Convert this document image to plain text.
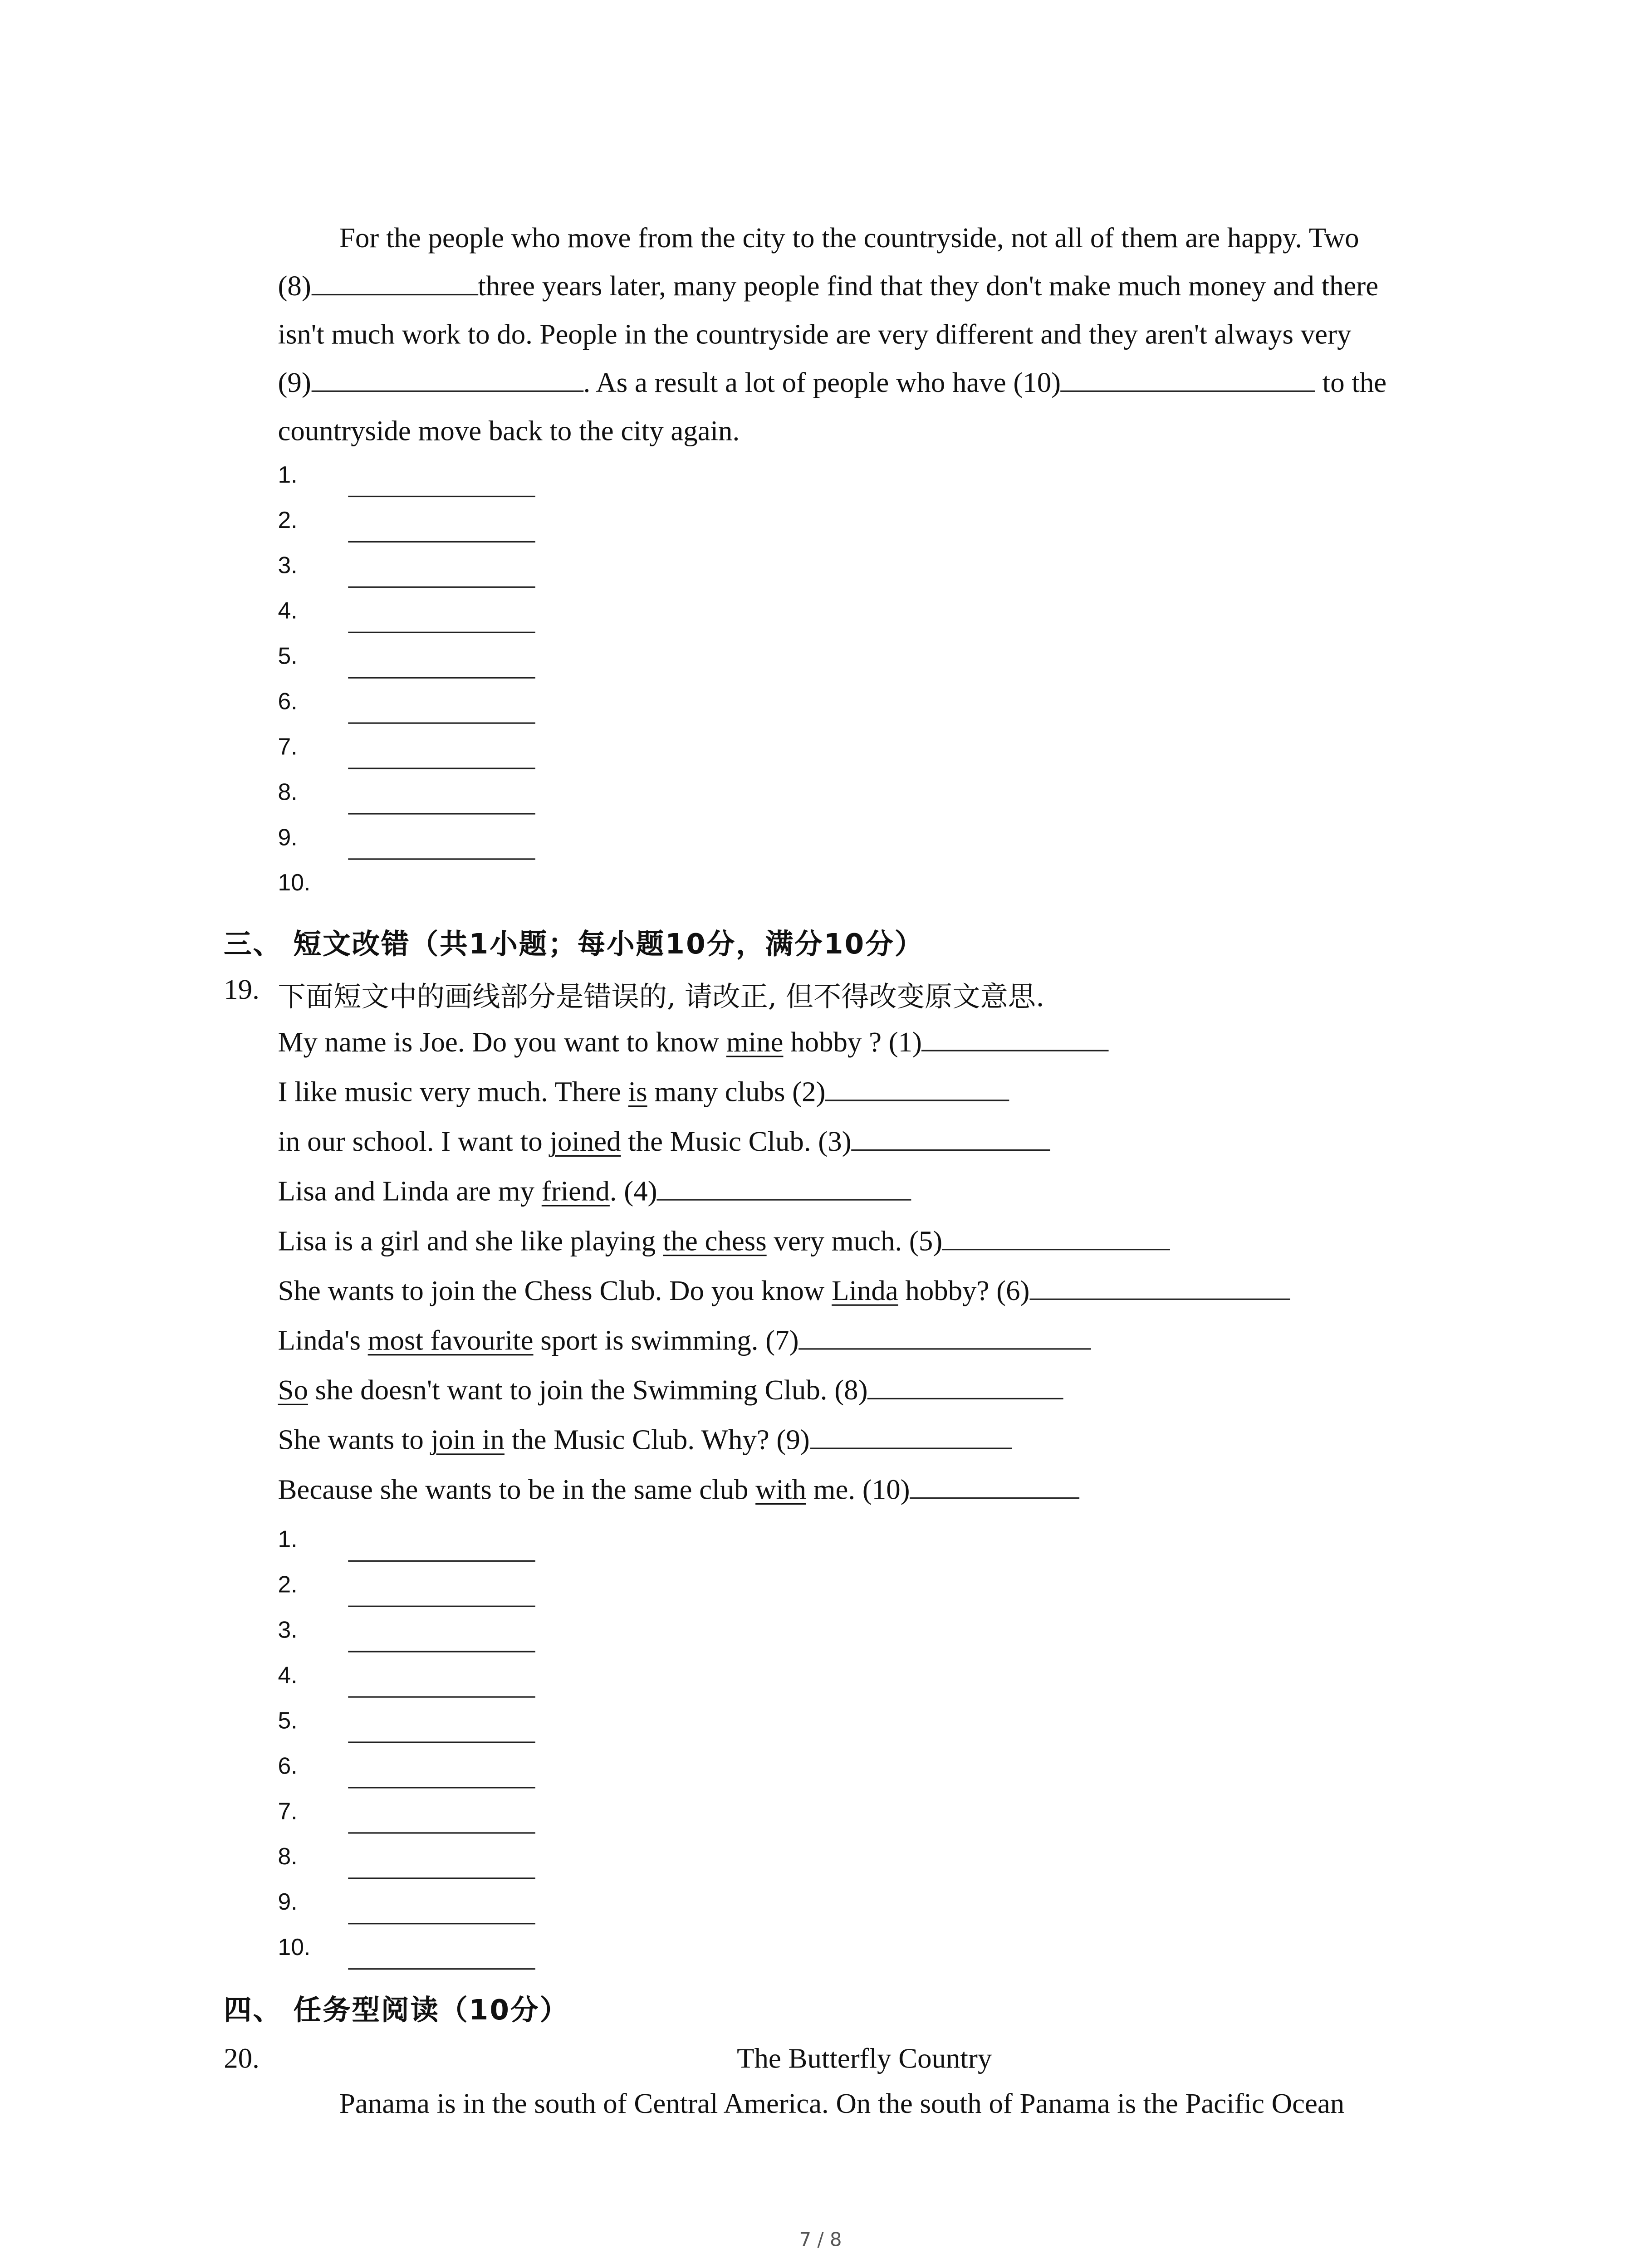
For the people who move from the city to the countryside, not all of them are happy. Two
(8)	three years later, many people find that they don't make much money and there
isn't much work to do. People in the countryside are very different and they aren't always very
(9)	. As a result a lot of people who have (10)	to the
countryside move back to the city again.
1.
2.
3.
4.
5.
6.
7.
8.
9.
10.
三、 短文改错（共1小题；每小题10分，满分10分）
19. 下面短文中的画线部分是错误的, 请改正, 但不得改变原文意思.
My name is Joe. Do you want to know mine hobby ? (1)
I like music very much. There is many clubs (2)
in our school. I want to joined the Music Club. (3)
Lisa and Linda are my friend. (4)
Lisa is a girl and she like playing the chess very much. (5)
She wants to join the Chess Club. Do you know Linda hobby? (6)
Linda's most favourite sport is swimming. (7)
So she doesn't want to join the Swimming Club. (8)
She wants to join in the Music Club. Why? (9)
Because she wants to be in the same club with me. (10)
1.
2.
3.
4.
5.
6.
7.
8.
9.
10.
四、 任务型阅读（10分）
20.	The Butterfly Country
Panama is in the south of Central America. On the south of Panama is the Pacific Ocean
7 / 8
